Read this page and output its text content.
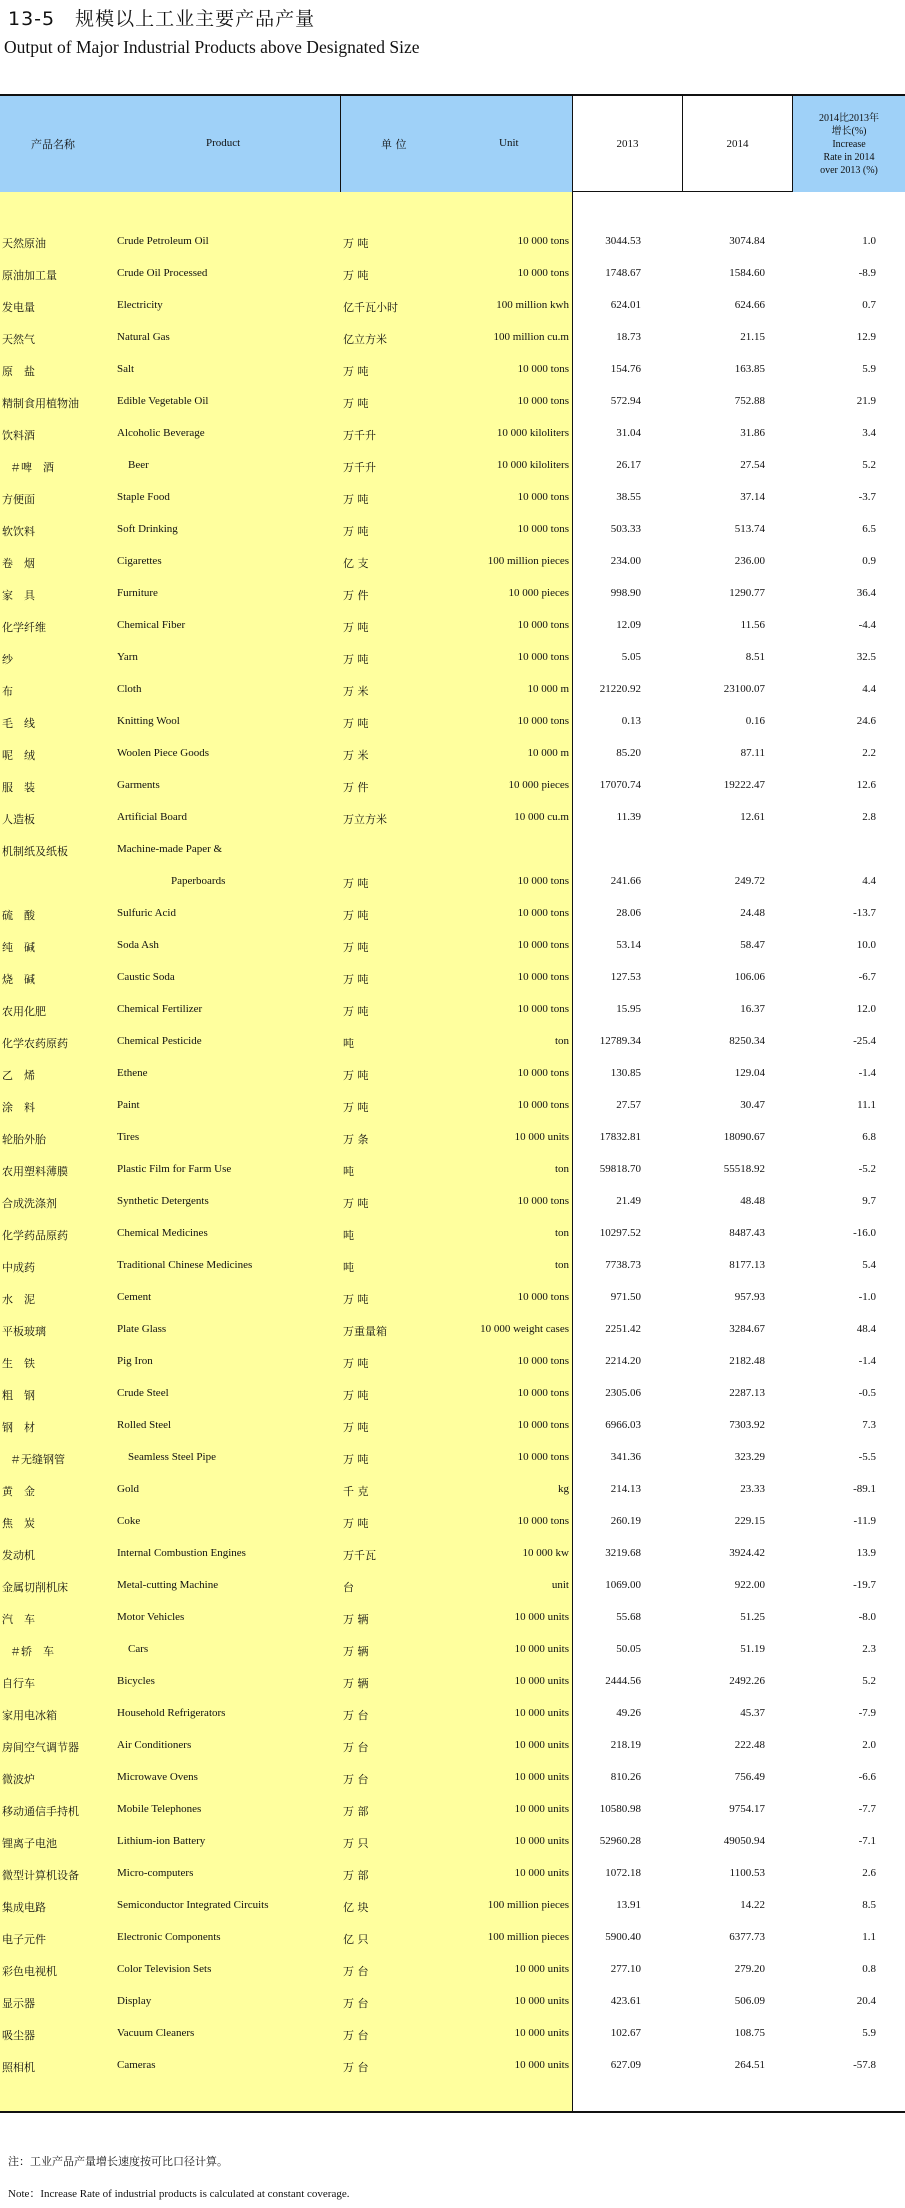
13-5　规模以上工业主要产品产量
Output of Major Industrial Products above Designated Size
产品名称	Product	单 位	Unit	2013	2014
2014比2013年
增长(%)
Increase
Rate in 2014
over 2013 (%)
天然原油	Crude Petroleum Oil	万 吨	10 000 tons	3044.53	3074.84	1.0
原油加工量	Crude Oil Processed	万 吨	10 000 tons	1748.67	1584.60	-8.9
发电量	Electricity	亿千瓦小时	100 million kwh	624.01	624.66	0.7
天然气	Natural Gas	亿立方米	100 million cu.m	18.73	21.15	12.9
原　盐	Salt	万 吨	10 000 tons	154.76	163.85	5.9
精制食用植物油	Edible Vegetable Oil	万 吨	10 000 tons	572.94	752.88	21.9
饮料酒	Alcoholic Beverage	万千升	10 000 kiloliters	31.04	31.86	3.4
＃啤　酒	Beer	万千升	10 000 kiloliters	26.17	27.54	5.2
方便面	Staple Food	万 吨	10 000 tons	38.55	37.14	-3.7
软饮料	Soft Drinking	万 吨	10 000 tons	503.33	513.74	6.5
卷　烟	Cigarettes	亿 支	100 million pieces	234.00	236.00	0.9
家　具	Furniture	万 件	10 000 pieces	998.90	1290.77	36.4
化学纤维	Chemical Fiber	万 吨	10 000 tons	12.09	11.56	-4.4
纱	Yarn	万 吨	10 000 tons	5.05	8.51	32.5
布	Cloth	万 米	10 000 m	21220.92	23100.07	4.4
毛　线	Knitting Wool	万 吨	10 000 tons	0.13	0.16	24.6
呢　绒	Woolen Piece Goods	万 米	10 000 m	85.20	87.11	2.2
服　装	Garments	万 件	10 000 pieces	17070.74	19222.47	12.6
人造板	Artificial Board	万立方米	10 000 cu.m	11.39	12.61	2.8
机制纸及纸板	Machine-made Paper &
Paperboards	万 吨	10 000 tons	241.66	249.72	4.4
硫　酸	Sulfuric Acid	万 吨	10 000 tons	28.06	24.48	-13.7
纯　碱	Soda Ash	万 吨	10 000 tons	53.14	58.47	10.0
烧　碱	Caustic Soda	万 吨	10 000 tons	127.53	106.06	-6.7
农用化肥	Chemical Fertilizer	万 吨	10 000 tons	15.95	16.37	12.0
化学农药原药	Chemical Pesticide	吨	ton	12789.34	8250.34	-25.4
乙　烯	Ethene	万 吨	10 000 tons	130.85	129.04	-1.4
涂　料	Paint	万 吨	10 000 tons	27.57	30.47	11.1
轮胎外胎	Tires	万 条	10 000 units	17832.81	18090.67	6.8
农用塑料薄膜	Plastic Film for Farm Use	吨	ton	59818.70	55518.92	-5.2
合成洗涤剂	Synthetic Detergents	万 吨	10 000 tons	21.49	48.48	9.7
化学药品原药	Chemical Medicines	吨	ton	10297.52	8487.43	-16.0
中成药	Traditional Chinese Medicines	吨	ton	7738.73	8177.13	5.4
水　泥	Cement	万 吨	10 000 tons	971.50	957.93	-1.0
平板玻璃	Plate Glass	万重量箱	10 000 weight cases	2251.42	3284.67	48.4
生　铁	Pig Iron	万 吨	10 000 tons	2214.20	2182.48	-1.4
粗　钢	Crude Steel	万 吨	10 000 tons	2305.06	2287.13	-0.5
钢　材	Rolled Steel	万 吨	10 000 tons	6966.03	7303.92	7.3
＃无缝钢管	Seamless Steel Pipe	万 吨	10 000 tons	341.36	323.29	-5.5
黄　金	Gold	千 克	kg	214.13	23.33	-89.1
焦　炭	Coke	万 吨	10 000 tons	260.19	229.15	-11.9
发动机	Internal Combustion Engines	万千瓦	10 000 kw	3219.68	3924.42	13.9
金属切削机床	Metal-cutting Machine	台	unit	1069.00	922.00	-19.7
汽　车	Motor Vehicles	万 辆	10 000 units	55.68	51.25	-8.0
＃轿　车	Cars	万 辆	10 000 units	50.05	51.19	2.3
自行车	Bicycles	万 辆	10 000 units	2444.56	2492.26	5.2
家用电冰箱	Household Refrigerators	万 台	10 000 units	49.26	45.37	-7.9
房间空气调节器	Air Conditioners	万 台	10 000 units	218.19	222.48	2.0
微波炉	Microwave Ovens	万 台	10 000 units	810.26	756.49	-6.6
移动通信手持机	Mobile Telephones	万 部	10 000 units	10580.98	9754.17	-7.7
锂离子电池	Lithium-ion Battery	万 只	10 000 units	52960.28	49050.94	-7.1
微型计算机设备	Micro-computers	万 部	10 000 units	1072.18	1100.53	2.6
集成电路	Semiconductor Integrated Circuits	亿 块	100 million pieces	13.91	14.22	8.5
电子元件	Electronic Components	亿 只	100 million pieces	5900.40	6377.73	1.1
彩色电视机	Color Television Sets	万 台	10 000 units	277.10	279.20	0.8
显示器	Display	万 台	10 000 units	423.61	506.09	20.4
吸尘器	Vacuum Cleaners	万 台	10 000 units	102.67	108.75	5.9
照相机	Cameras	万 台	10 000 units	627.09	264.51	-57.8
注：工业产品产量增长速度按可比口径计算。
Note：Increase Rate of industrial products is calculated at constant coverage.
